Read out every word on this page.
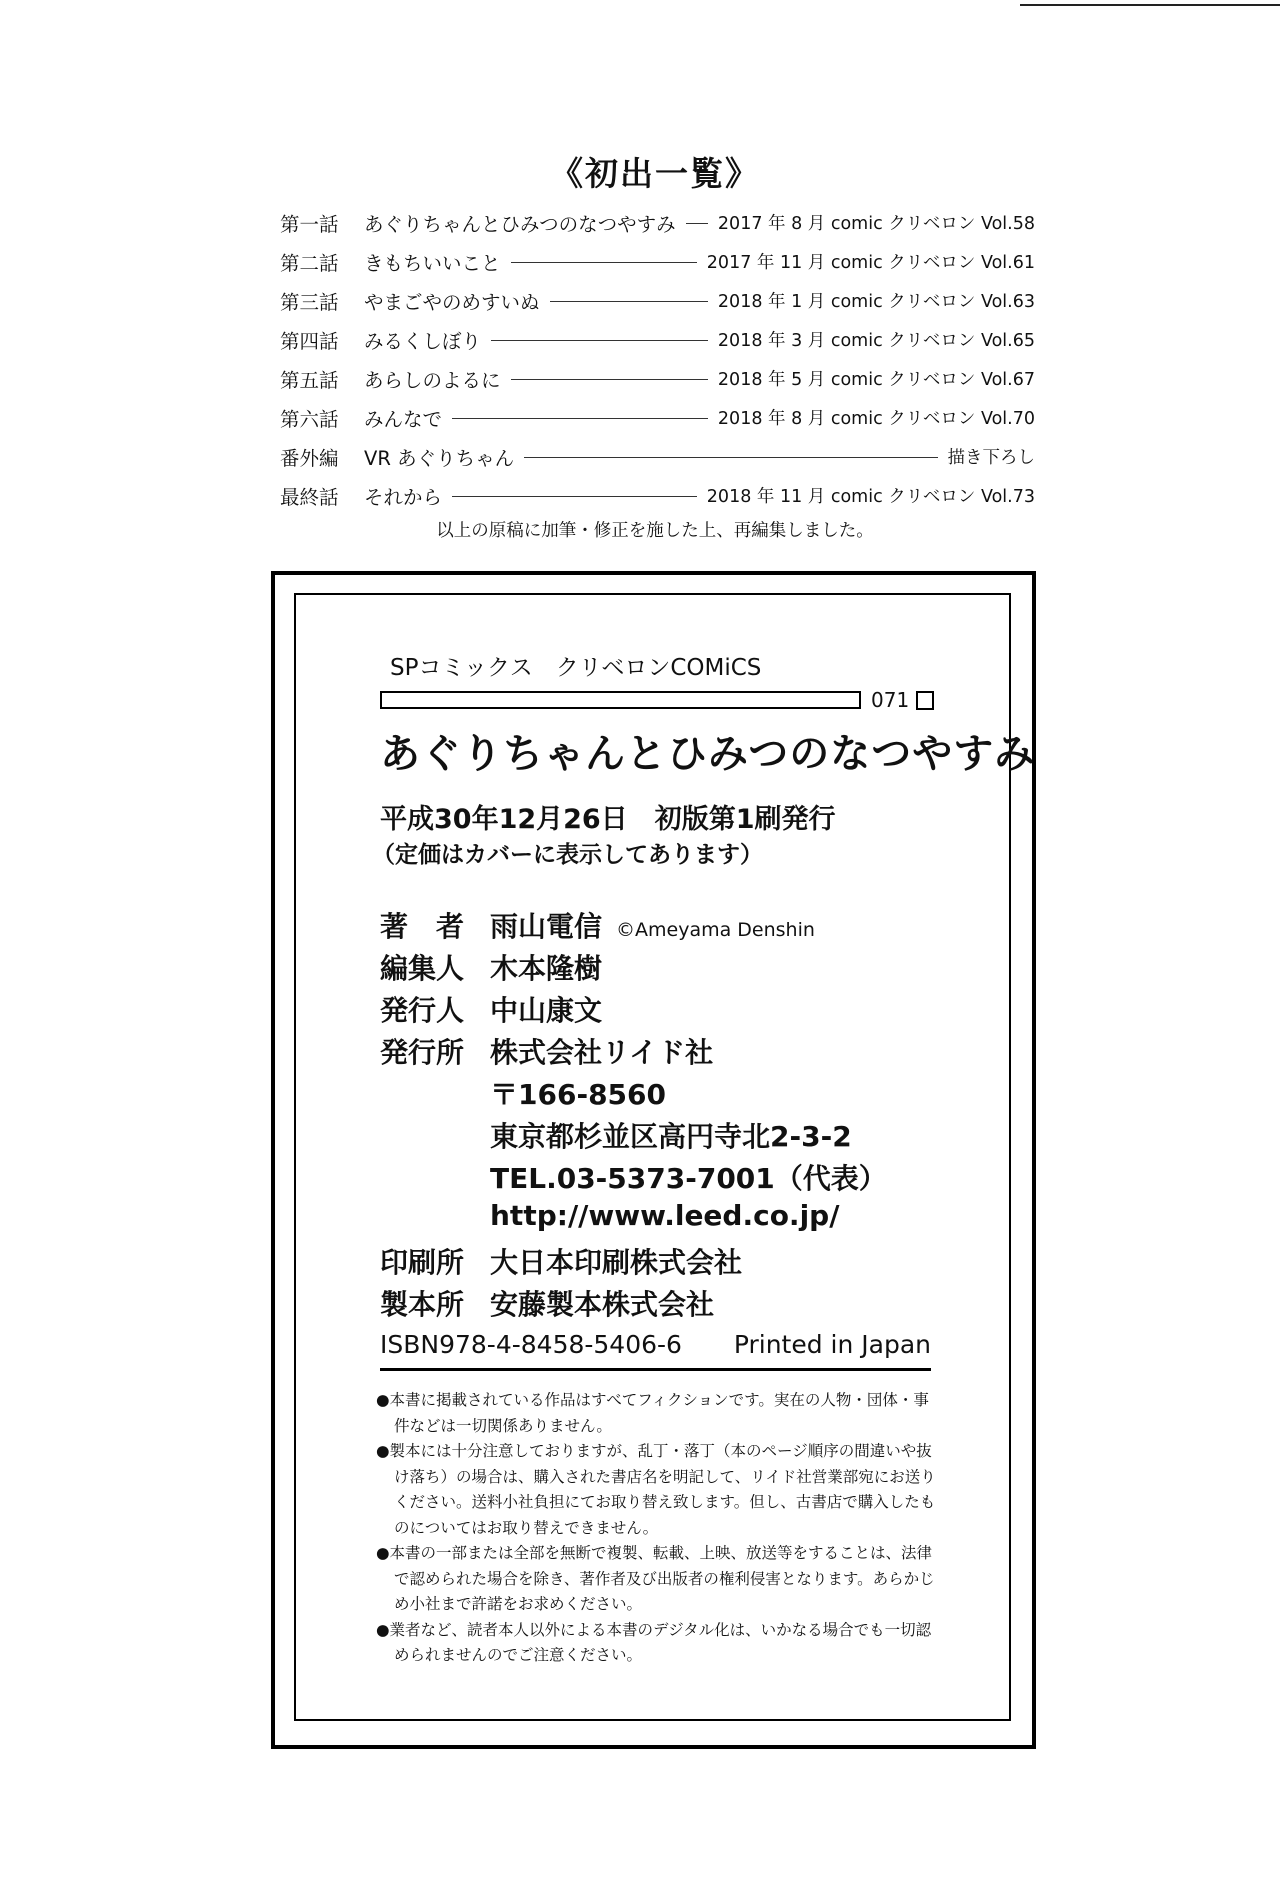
《初出一覧》
第一話	あぐりちゃんとひみつのなつやすみ 2017 年 8 月 comic クリベロン Vol.58
第二話	きもちいいこと	2017 年 11 月 comic クリベロン Vol.61
第三話	やまごやのめすいぬ	2018 年 1 月 comic クリベロン Vol.63
第四話	みるくしぼり	2018 年 3 月 comic クリベロン Vol.65
第五話	あらしのよるに	2018 年 5 月 comic クリベロン Vol.67
第六話	みんなで	2018 年 8 月 comic クリベロン Vol.70
番外編	VR あぐりちゃん	描き下ろし
最終話	それから	2018 年 11 月 comic クリベロン Vol.73
以上の原稿に加筆・修正を施した上、再編集しました。
SPコミックス　クリベロンCOMiCS
071
あぐりちゃんとひみつのなつやすみ
平成30年12月26日　初版第1刷発行
（定価はカバーに表示してあります）
著　者 雨山電信 ©Ameyama Denshin
編集人 木本隆樹
発行人 中山康文
発行所 株式会社リイド社
〒166-8560
東京都杉並区高円寺北2-3-2
TEL.03-5373-7001（代表）
http://www.leed.co.jp/
印刷所 大日本印刷株式会社
製本所 安藤製本株式会社
ISBN978-4-8458-5406-6 Printed in Japan

●本書に掲載されている作品はすべてフィクションです。実在の人物・団体・事件などは一切関係ありません。

●製本には十分注意しておりますが、乱丁・落丁（本のページ順序の間違いや抜け落ち）の場合は、購入された書店名を明記して、リイド社営業部宛にお送りください。送料小社負担にてお取り替え致します。但し、古書店で購入したものについてはお取り替えできません。

●本書の一部または全部を無断で複製、転載、上映、放送等をすることは、法律で認められた場合を除き、著作者及び出版者の権利侵害となります。あらかじめ小社まで許諾をお求めください。

●業者など、読者本人以外による本書のデジタル化は、いかなる場合でも一切認められませんのでご注意ください。
